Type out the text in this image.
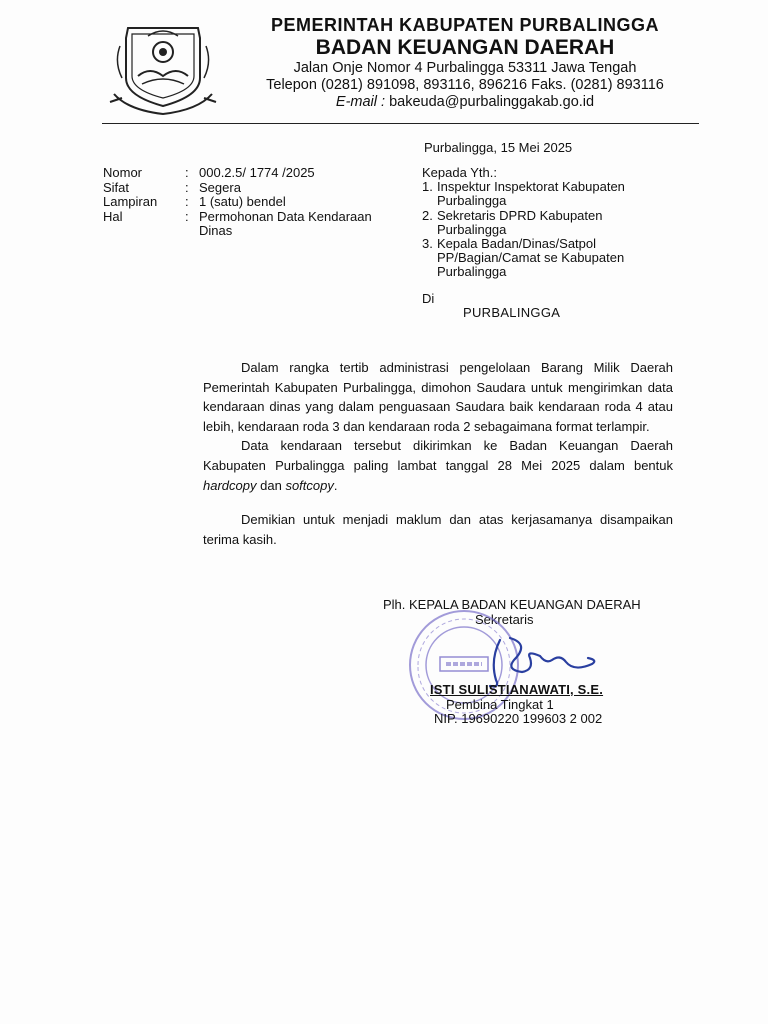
PEMERINTAH KABUPATEN PURBALINGGA
BADAN KEUANGAN DAERAH
Jalan Onje Nomor 4 Purbalingga 53311 Jawa Tengah
Telepon (0281) 891098, 893116, 896216 Faks. (0281) 893116
E-mail : bakeuda@purbalinggakab.go.id
Purbalingga, 15 Mei 2025
Nomor	: 000.2.5/ 1774 /2025
Sifat	: Segera
Lampiran	: 1 (satu) bendel
Hal	: Permohonan Data Kendaraan Dinas
Kepada Yth.:
1. Inspektur Inspektorat Kabupaten Purbalingga
2. Sekretaris DPRD Kabupaten Purbalingga
3. Kepala Badan/Dinas/Satpol PP/Bagian/Camat se Kabupaten Purbalingga
Di
PURBALINGGA

Dalam rangka tertib administrasi pengelolaan Barang Milik Daerah Pemerintah Kabupaten Purbalingga, dimohon Saudara untuk mengirimkan data kendaraan dinas yang dalam penguasaan Saudara baik kendaraan roda 4 atau lebih, kendaraan roda 3 dan kendaraan roda 2 sebagaimana format terlampir.

Data kendaraan tersebut dikirimkan ke Badan Keuangan Daerah Kabupaten Purbalingga paling lambat tanggal 28 Mei 2025 dalam bentuk hardcopy dan softcopy.

Demikian untuk menjadi maklum dan atas kerjasamanya disampaikan terima kasih.

Plh. KEPALA BADAN KEUANGAN DAERAH
Sekretaris
ISTI SULISTIANAWATI, S.E.
Pembina Tingkat 1
NIP. 19690220 199603 2 002
